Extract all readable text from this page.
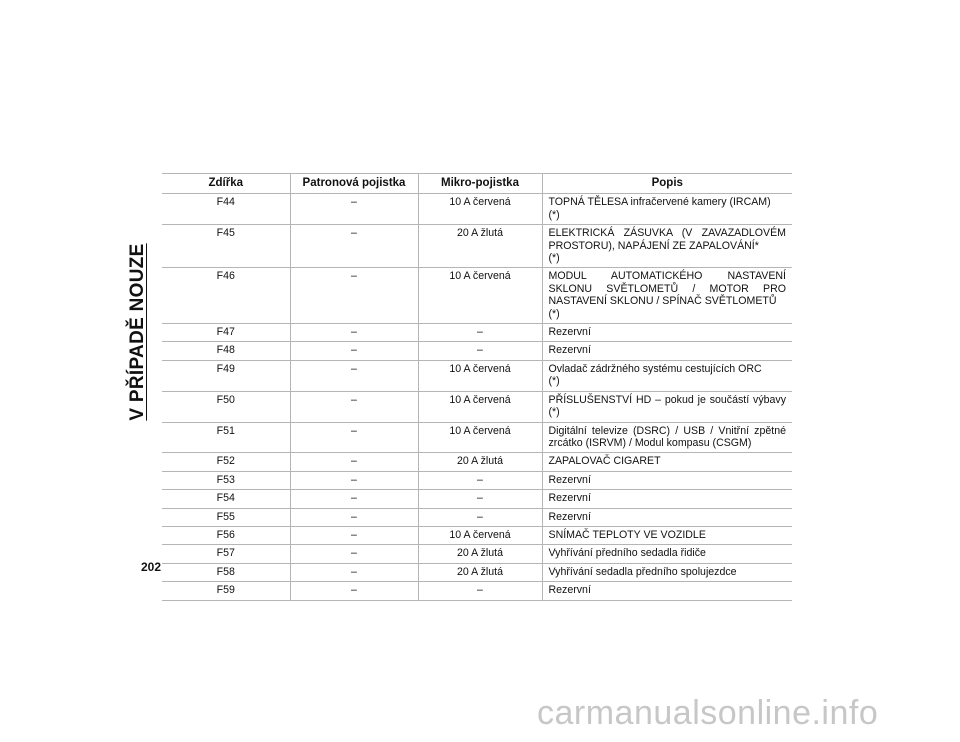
V PŘÍPADĚ NOUZE
202
Zdířka	Patronová pojistka	Mikro-pojistka	Popis
F44	–	10 A červená	TOPNÁ TĚLESA infračervené kamery (IRCAM)
(*)

F45	–	20 A žlutá	ELEKTRICKÁ ZÁSUVKA (V ZAVAZADLOVÉM PROSTORU), NAPÁJENÍ ZE ZAPALOVÁNÍ*
(*)

F46	–	10 A červená	MODUL AUTOMATICKÉHO NASTAVENÍ SKLONU SVĚTLOMETŮ / MOTOR PRO NASTAVENÍ SKLONU / SPÍNAČ SVĚTLOMETŮ
(*)

F47	–	–	Rezervní

F48	–	–	Rezervní

F49	–	10 A červená	Ovladač zádržného systému cestujících ORC
(*)

F50	–	10 A červená	PŘÍSLUŠENSTVÍ HD – pokud je součástí výbavy (*)

F51	–	10 A červená	Digitální televize (DSRC) / USB / Vnitřní zpětné zrcátko (ISRVM) / Modul kompasu (CSGM)

F52	–	20 A žlutá	ZAPALOVAČ CIGARET

F53	–	–	Rezervní

F54	–	–	Rezervní

F55	–	–	Rezervní

F56	–	10 A červená	SNÍMAČ TEPLOTY VE VOZIDLE

F57	–	20 A žlutá	Vyhřívání předního sedadla řidiče

F58	–	20 A žlutá	Vyhřívání sedadla předního spolujezdce

F59	–	–	Rezervní
carmanualsonline.info
